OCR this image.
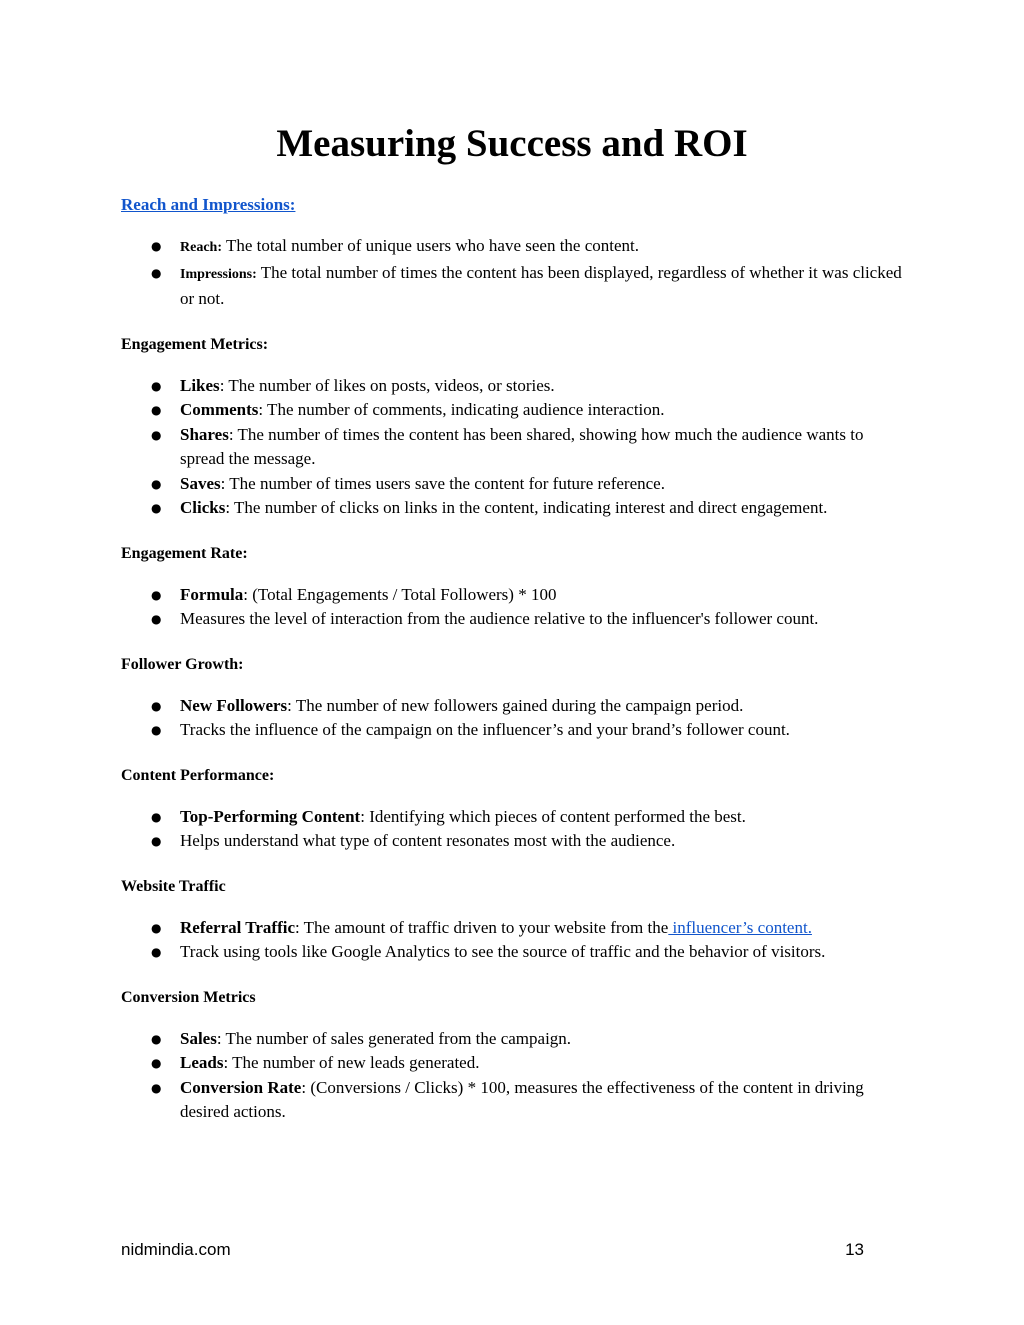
Measuring Success and ROI

Reach and Impressions:

● Reach: The total number of unique users who have seen the content.
● Impressions: The total number of times the content has been displayed, regardless of whether it was clicked or not.

Engagement Metrics:

● Likes: The number of likes on posts, videos, or stories.
● Comments: The number of comments, indicating audience interaction.
● Shares: The number of times the content has been shared, showing how much the audience wants to spread the message.
● Saves: The number of times users save the content for future reference.
● Clicks: The number of clicks on links in the content, indicating interest and direct engagement.

Engagement Rate:

● Formula: (Total Engagements / Total Followers) * 100
● Measures the level of interaction from the audience relative to the influencer's follower count.

Follower Growth:

● New Followers: The number of new followers gained during the campaign period.
● Tracks the influence of the campaign on the influencer’s and your brand’s follower count.

Content Performance:

● Top-Performing Content: Identifying which pieces of content performed the best.
● Helps understand what type of content resonates most with the audience.

Website Traffic

● Referral Traffic: The amount of traffic driven to your website from the influencer’s content.
● Track using tools like Google Analytics to see the source of traffic and the behavior of visitors.

Conversion Metrics

● Sales: The number of sales generated from the campaign.
● Leads: The number of new leads generated.
● Conversion Rate: (Conversions / Clicks) * 100, measures the effectiveness of the content in driving desired actions.
nidmindia.com	13
